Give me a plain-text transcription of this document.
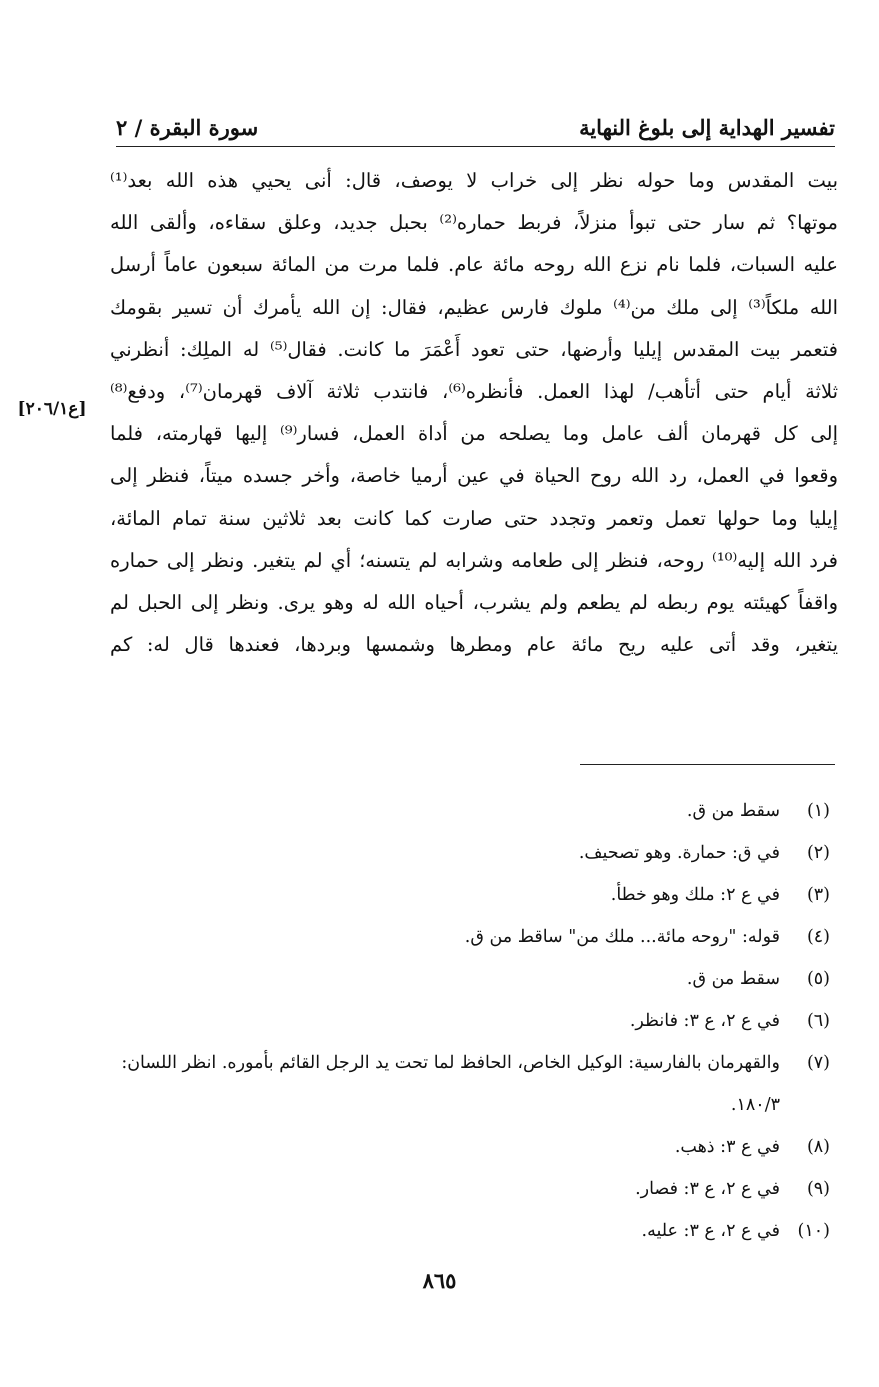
تفسير الهداية إلى بلوغ النهاية
سورة البقرة / ٢
بيت المقدس وما حوله نظر إلى خراب لا يوصف، قال: أنى يحيي هذه الله بعد⁽¹⁾
موتها؟ ثم سار حتى تبوأ منزلاً، فربط حماره⁽²⁾ بحبل جديد، وعلق سقاءه، وألقى الله
عليه السبات، فلما نام نزع الله روحه مائة عام. فلما مرت من المائة سبعون عاماً أرسل
الله ملكاً⁽³⁾ إلى ملك من⁽⁴⁾ ملوك فارس عظيم، فقال: إن الله يأمرك أن تسير بقومك
فتعمر بيت المقدس إيليا وأرضها، حتى تعود أَعْمَرَ ما كانت. فقال⁽⁵⁾ له الملِك: أنظرني
ثلاثة أيام حتى أتأهب/ لهذا العمل. فأنظره⁽⁶⁾، فانتدب ثلاثة آلاف قهرمان⁽⁷⁾، ودفع⁽⁸⁾
إلى كل قهرمان ألف عامل وما يصلحه من أداة العمل، فسار⁽⁹⁾ إليها قهارمته، فلما
وقعوا في العمل، رد الله روح الحياة في عين أرميا خاصة، وأخر جسده ميتاً، فنظر إلى
إيليا وما حولها تعمل وتعمر وتجدد حتى صارت كما كانت بعد ثلاثين سنة تمام المائة،
فرد الله إليه⁽¹⁰⁾ روحه، فنظر إلى طعامه وشرابه لم يتسنه؛ أي لم يتغير. ونظر إلى حماره
واقفاً كهيئته يوم ربطه لم يطعم ولم يشرب، أحياه الله له وهو يرى. ونظر إلى الحبل لم
يتغير، وقد أتى عليه ريح مائة عام ومطرها وشمسها وبردها، فعندها قال له: كم
[ع٢٠٦/١]
(١)
سقط من ق.
(٢)
في ق: حمارة. وهو تصحيف.
(٣)
في ع ٢: ملك وهو خطأ.
(٤)
قوله: "روحه مائة... ملك من" ساقط من ق.
(٥)
سقط من ق.
(٦)
في ع ٢، ع ٣: فانظر.
(٧)
والقهرمان بالفارسية: الوكيل الخاص، الحافظ لما تحت يد الرجل القائم بأموره. انظر اللسان:
١٨٠/٣.
(٨)
في ع ٣: ذهب.
(٩)
في ع ٢، ع ٣: فصار.
(١٠)
في ع ٢، ع ٣: عليه.
٨٦٥
